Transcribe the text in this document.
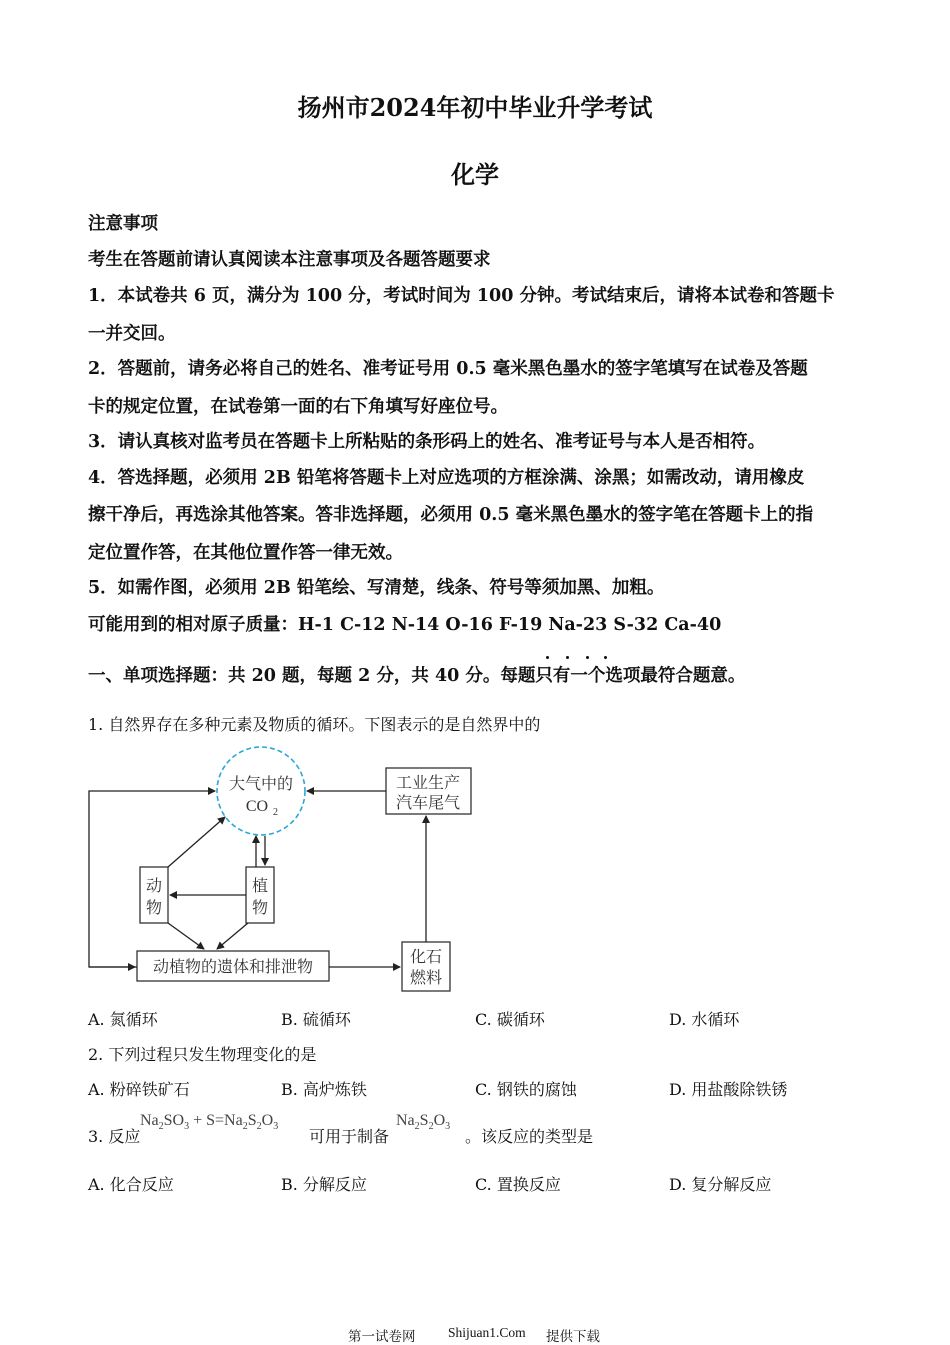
扬州市2024年初中毕业升学考试
化学
注意事项
考生在答题前请认真阅读本注意事项及各题答题要求
1．本试卷共 6 页，满分为 100 分，考试时间为 100 分钟。考试结束后，请将本试卷和答题卡
一并交回。
2．答题前，请务必将自己的姓名、准考证号用 0.5 毫米黑色墨水的签字笔填写在试卷及答题
卡的规定位置，在试卷第一面的右下角填写好座位号。
3．请认真核对监考员在答题卡上所粘贴的条形码上的姓名、准考证号与本人是否相符。
4．答选择题，必须用 2B 铅笔将答题卡上对应选项的方框涂满、涂黑；如需改动，请用橡皮
擦干净后，再选涂其他答案。答非选择题，必须用 0.5 毫米黑色墨水的签字笔在答题卡上的指
定位置作答，在其他位置作答一律无效。
5．如需作图，必须用 2B 铅笔绘、写清楚，线条、符号等须加黑、加粗。
可能用到的相对原子质量：H-1 C-12 N-14 O-16 F-19 Na-23 S-32 Ca-40
一、单项选择题：共 20 题，每题 2 分，共 40 分。每题只有一个选项最符合题意。
1. 自然界存在多种元素及物质的循环。下图表示的是自然界中的
大气中的
CO 2
工业生产
汽车尾气
动
物
植
物
动植物的遗体和排泄物
化石
燃料
A. 氮循环	B. 硫循环	C. 碳循环	D. 水循环
2. 下列过程只发生物理变化的是
A. 粉碎铁矿石	B. 高炉炼铁	C. 钢铁的腐蚀	D. 用盐酸除铁锈
3. 反应
$Na_2SO_3 + S=Na_2S_2O_3$
可用于制备
$Na_2S_2O_3$
。该反应的类型是
A. 化合反应	B. 分解反应	C. 置换反应	D. 复分解反应
第一试卷网 Shijuan1.Com 提供下载
